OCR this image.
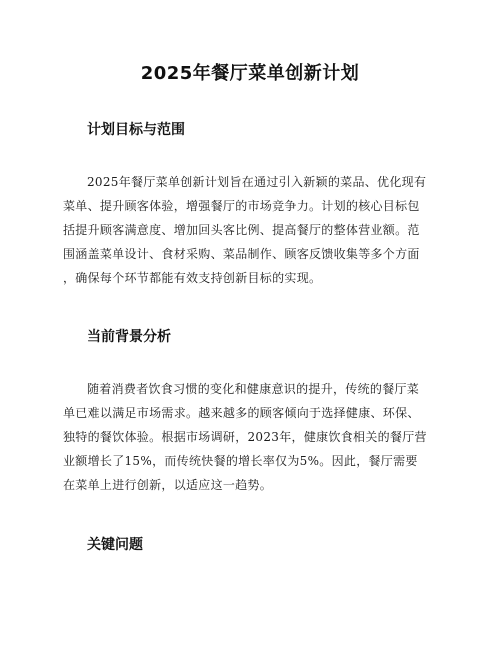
2025年餐厅菜单创新计划
计划目标与范围
2025年餐厅菜单创新计划旨在通过引入新颖的菜品、优化现有
菜单、提升顾客体验，增强餐厅的市场竞争力。计划的核心目标包
括提升顾客满意度、增加回头客比例、提高餐厅的整体营业额。范
围涵盖菜单设计、食材采购、菜品制作、顾客反馈收集等多个方面
，确保每个环节都能有效支持创新目标的实现。
当前背景分析
随着消费者饮食习惯的变化和健康意识的提升，传统的餐厅菜
单已难以满足市场需求。越来越多的顾客倾向于选择健康、环保、
独特的餐饮体验。根据市场调研，2023年，健康饮食相关的餐厅营
业额增长了15%，而传统快餐的增长率仅为5%。因此，餐厅需要
在菜单上进行创新，以适应这一趋势。
关键问题
